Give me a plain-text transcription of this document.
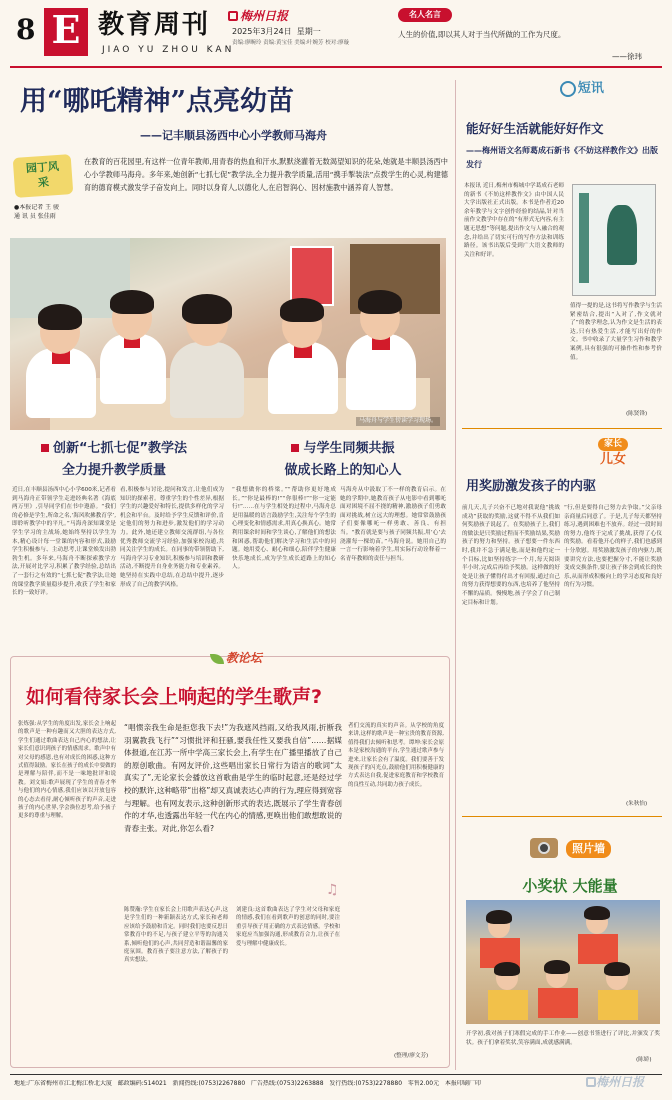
8 E 教育周刊
JIAO YU ZHOU KAN
梅州日报
2025年3月24日 星期一
责编:廖畹玲 责编:黄宝佳 美编:叶婉芳 校对:廖璇
名人名言
人生的价值,即以其人对于当代所做的工作为尺度。
——徐玮
用“哪吒精神”点亮幼苗
——记丰顺县汤西中心小学教师马海舟
园丁风采
●本报记者 王 骏
通 讯 员 张佳雨
在教育的百花园里,有这样一位青年教师,用青春的热血和汗水,默默浇灌着无数渴望知识的花朵,她就是丰顺县汤西中心小学教师马海舟。多年来,她创新“七抓七促”教学法,全力提升教学质量,活用“携手掣装法”点拨学生的心灵,构建德育的德育模式激发学子奋发向上。同时以身育人,以德化人,在启智润心、因材施教中涵养育人智慧。
马海舟与学生傍读学习现场。
创新“七抓七促”教学法
全力提升教学质量
与学生同频共振
做成长路上的知心人
近日,在丰顺县汤西中心小学600米,记者看到马海舟正带领学生走进经典名著《海底两万里》,引导同学们在书中遨游。“我们的必修是学生,所命之名,‘海风吹拂教育学’,即聆听教学中的平凡。”马海舟深知课堂是学生学习的主战场,她始终坚持以学生为本,精心设计每一堂课的内容和形式,鼓励学生积极参与、主动思考,让课堂焕发出勃勃生机。多年来,马海舟不断探索教学方法,开展对比学习,积累了教学经验,总结出了一套行之有效的“七抓七促”教学法,让她的课堂教学质量稳步提升,收获了学生和家长的一致好评。
看,积极参与讨论,提问和发言,让他们成为知识的探索者。尊重学生的个性差异,根据学生的兴趣爱好和特长,提供多样化的学习机会和平台。及时给予学生反馈和评价,肯定他们的努力和进步,激发他们的学习动力。此外,她还建立教师交流群组,与各位优秀教师交流学习经验,加强家校沟通,共同关注学生的成长。在同事的带领帮助下,马海舟学习专业知识,积极参与培训和教研活动,不断提升自身业务能力和专业素养。她坚持在实践中总结,在总结中提升,逐步形成了自己的教学风格。
“我想做你的桥梁。”“帮助你更好地成长。”“你是最棒的!”“你很棒!”“你一定能行!”……在与学生相处的过程中,马海舟总是用温暖的语言鼓励学生,关注每个学生的心理变化和情感需求,用真心换真心。她常利用课余时间和学生谈心,了解他们的想法和困惑,帮助他们解决学习和生活中的问题。她用爱心、耐心和细心,陪伴学生健康快乐地成长,成为学生成长道路上的知心人。
马海舟从中汲取丁不一样的教育启示。在她的学期中,她教育孩子从电影中看到哪吒面对困境不屈不挠的精神,激励孩子们勇敢面对挑战,树立远大的理想。她常常鼓励孩子们要像哪吒一样勇敢、善良、有担当。“教育就是要与孩子同频共振,用‘心’去浇灌每一棵幼苗。”马海舟说。她用自己的一言一行影响着学生,用实际行动诠释着一名青年教师的责任与担当。
短讯
能好好生活就能好好作文
——梅州语文名师葛成石新书《不妨这样教作文》出版发行
本报讯 近日,梅州市梅城中学葛成石老师的新书《不妨这样教作文》由中国人民大学出版社正式出版。本书是作者近20余年教学与文字创作经验的结晶,针对当前作文教学中存在的“有形式无内容,有主题无思想”等问题,提出作文与人融合的观念,并给出了切实可行的写作方法和训练路径。该书出版后受到广大语文教师的关注和好评。
值得一提的是,这书将写作教学与生活紧密结合,提出“入对了,作文就对了”的教学理念,认为作文是生活的表达,只有热爱生活,才能写出好的作文。书中收录了大量学生习作和教学案例,具有很强的可操作性和参考价值。
(陈贤锋)
家长
儿女
用奖励激发孩子的内驱
前几天,儿子兴奋不已地对我说他“挑战成功”获取的奖励,这就不得不从我们如何奖励孩子说起了。在奖励孩子上,我们的做法是只奖励过程而不奖励结果,奖励孩子的努力和坚持。孩子想要一件东西时,我并不急于满足他,而是和他约定一个目标,比如坚持练字一个月,每天阅读半小时,完成后再给予奖励。这样做的好处是让孩子懂得付出才有回报,通过自己的努力获得想要的东西,也培养了他坚持不懈的品质。慢慢地,孩子学会了自己制定目标和计划。
“行,但是要得自己努力去争取。”父亲母亲商量后同意了。于是,儿子每天都坚持练习,遇到困难也不放弃。经过一段时间的努力,他终于完成了挑战,获得了心仪的奖励。看着他开心的样子,我们也感到十分欣慰。用奖励激发孩子的内驱力,既要讲究方法,也要把握分寸,不能让奖励变成交换条件,要让孩子体会到成长的快乐,从而形成积极向上的学习态度和良好的行为习惯。
(朱秋怡)
教论坛
如何看待家长会上响起的学生歌声?
张炼强:从学生的角度出发,家长会上响起的歌声是一种有趣而又大胆的表达方式,学生们通过歌曲表达自己内心的想法,让家长们意识到孩子的情感需求。歌声中有对父母的感恩,也有对成长的困惑,这种方式值得鼓励。家长在孩子的成长中要做的是理解与陪伴,而不是一味地批评和说教。刘文娟:歌声展现了学生的青春才华与他们的内心情感,我们应该以开放包容的心态去看待,耐心倾听孩子的声音,走进孩子的内心世界,学会换位思考,给予孩子更多的尊重与理解。
“唱惯亲我生命是拒您我下去!”为我遮风挡雨,又给我风雨,折断我羽翼教我飞行”“习惯批评和狂骚,要我任性又要我自信”……据媒体报道,在江苏一所中学高三家长会上,有学生在广播里播放了自己的原创歌曲。有网友评价,这些唱出家长日常行为语言的歌词“太真实了”,无论家长会播放这首歌曲是学生的临时起意,还是经过学校的默许,这种略带“出格”却又真诚表达心声的行为,理应得到宽容与理解。也有网友表示,这种创新形式的表达,既展示了学生青春创作的才华,也透露出年轻一代在内心的情感,更唤出他们敢想敢说的青春主张。对此,你怎么看?
♫
陈赞瀚:学生在家长会上用歌声表达心声,这是学生们的一种新颖表达方式,家长和老师应该给予鼓励和肯定。同时我们也要反思日常教育中的不足,与孩子建立平等的沟通关系,倾听他们的心声,共同营造和谐温馨的家庭氛围。教育孩子要注意方法,了解孩子的真实想法。
刘建良:这首歌曲表达了学生对父母和家庭的情感,我们在看到歌声的创意的同时,要注重引导孩子用正确的方式表达情感。学校和家庭应当加强沟通,形成教育合力,让孩子在爱与理解中健康成长。
者们交流的真实的声音。从学校的角度来讲,这样的歌声是一种宝贵的教育资源,值得我们去倾听和思考。谭坤:家长会原本是家校沟通的平台,学生通过歌声参与进来,让家长会有了温度。我们要善于发现孩子的闪光点,鼓励他们用积极健康的方式表达自我,促进家庭教育和学校教育的良性互动,共同助力孩子成长。
(整理/廖文芳)
照片墙
小奖状 大能量
开学初,我对孩子们寒假完成的手工作业——创意书签进行了评比,并颁发了奖状。孩子们拿着奖状,笑容满面,成就感满满。
(陈娇)
地址:广东省梅州市江北梅江桥北大厦 邮政编码:514021 新闻热线:(0753)2267880 广告热线:(0753)2263888 发行热线:(0753)2278880 零售2.00元 本报印刷厂印	梅州日报
